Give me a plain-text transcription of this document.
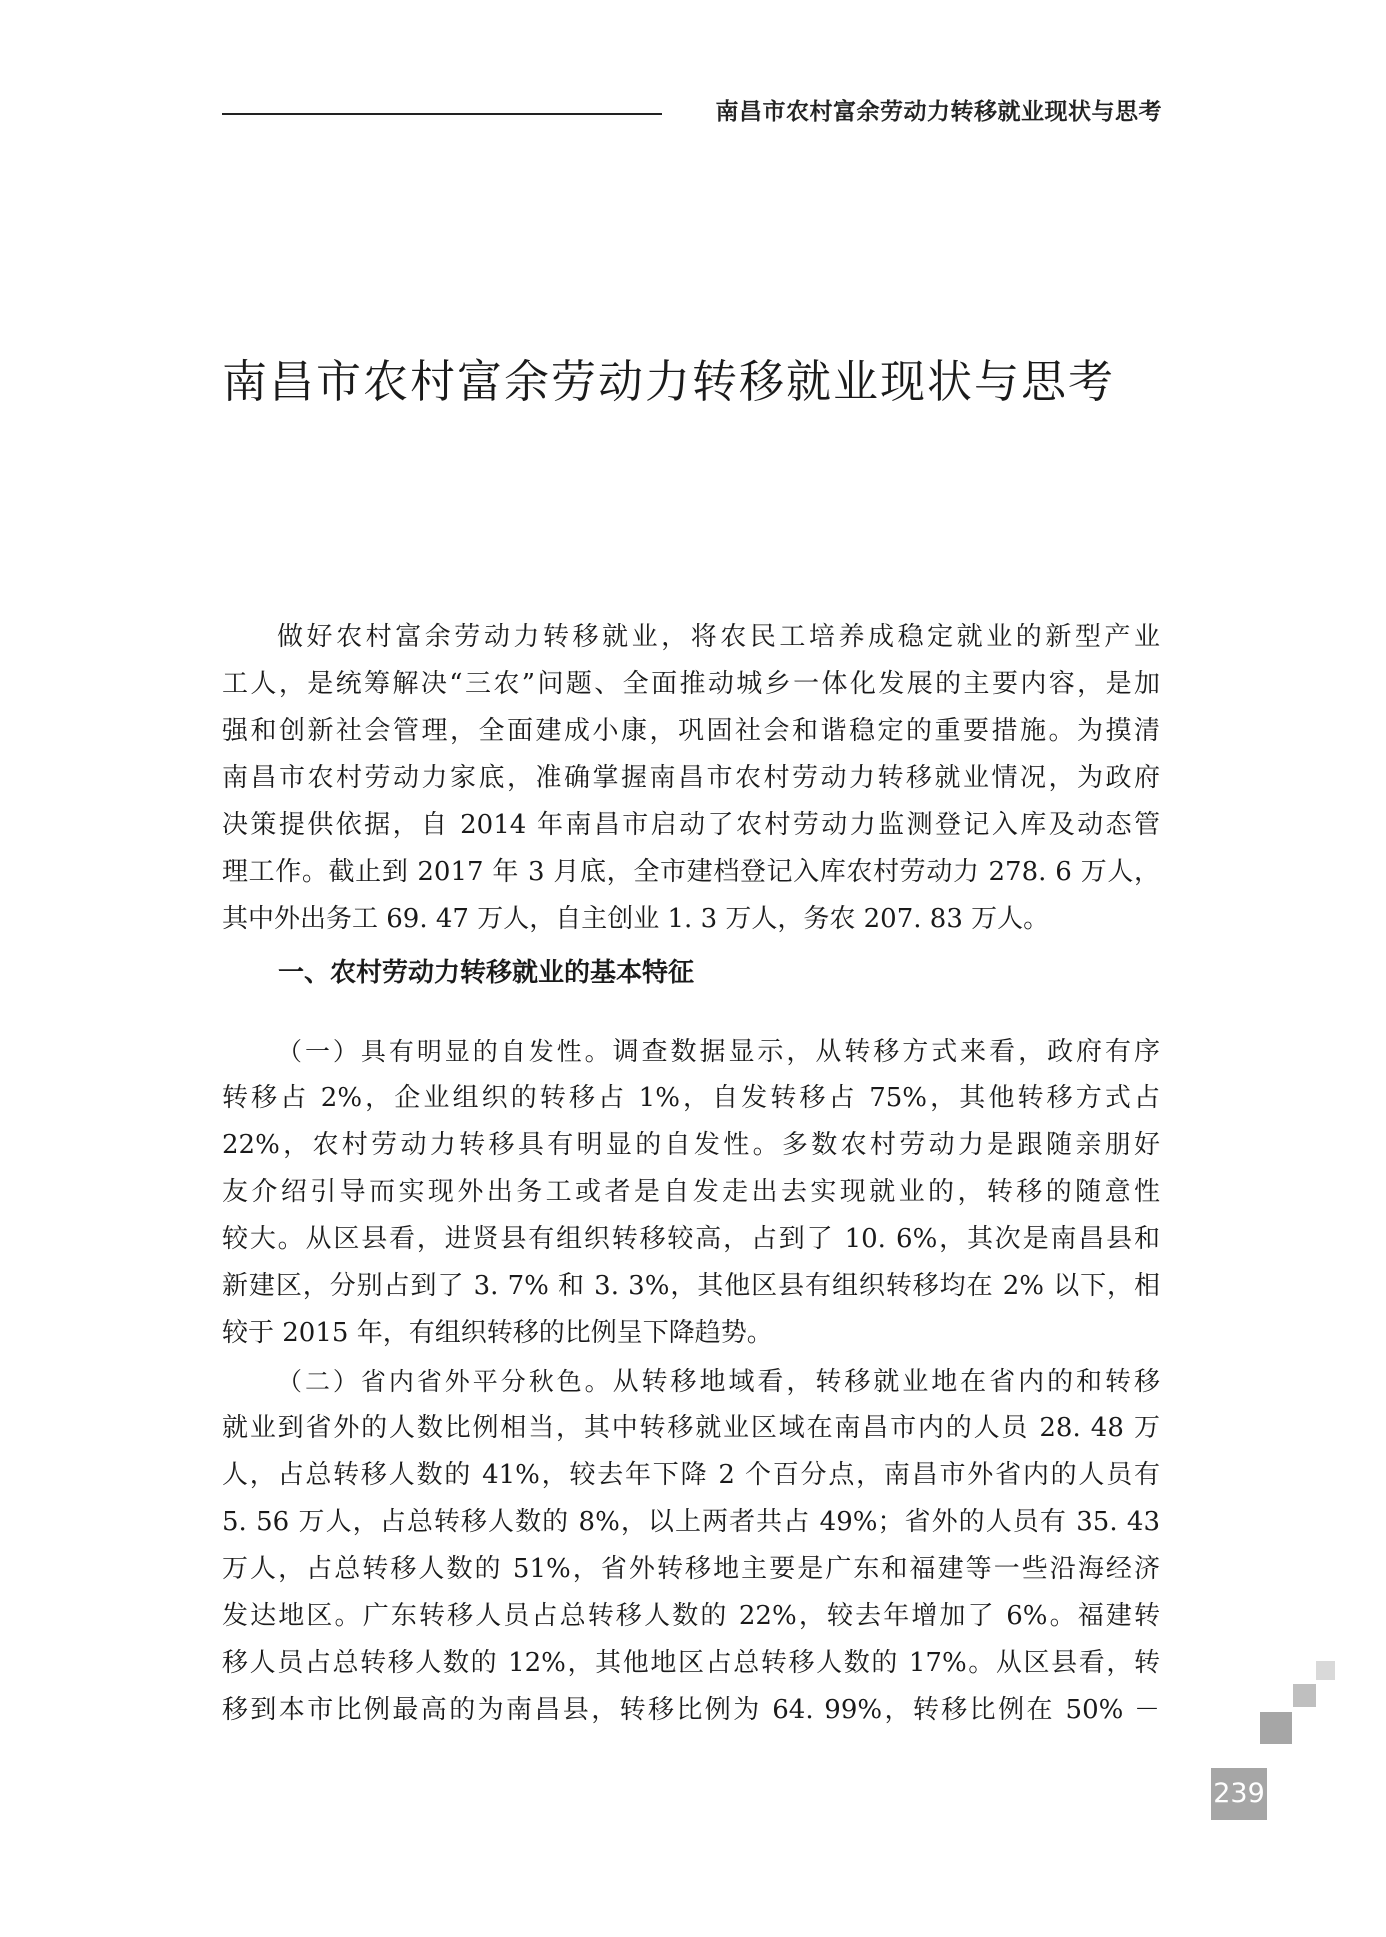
南昌市农村富余劳动力转移就业现状与思考
南昌市农村富余劳动力转移就业现状与思考
做好农村富余劳动力转移就业，将农民工培养成稳定就业的新型产业
工人，是统筹解决“三农”问题、全面推动城乡一体化发展的主要内容，是加
强和创新社会管理，全面建成小康，巩固社会和谐稳定的重要措施。为摸清
南昌市农村劳动力家底，准确掌握南昌市农村劳动力转移就业情况，为政府
决策提供依据，自 2014 年南昌市启动了农村劳动力监测登记入库及动态管
理工作。截止到 2017 年 3 月底，全市建档登记入库农村劳动力 278. 6 万人，
其中外出务工 69. 47 万人，自主创业 1. 3 万人，务农 207. 83 万人。
一、农村劳动力转移就业的基本特征
（一）具有明显的自发性。调查数据显示，从转移方式来看，政府有序
转移占 2%，企业组织的转移占 1%，自发转移占 75%，其他转移方式占
22%，农村劳动力转移具有明显的自发性。多数农村劳动力是跟随亲朋好
友介绍引导而实现外出务工或者是自发走出去实现就业的，转移的随意性
较大。从区县看，进贤县有组织转移较高，占到了 10. 6%，其次是南昌县和
新建区，分别占到了 3. 7% 和 3. 3%，其他区县有组织转移均在 2% 以下，相
较于 2015 年，有组织转移的比例呈下降趋势。
（二）省内省外平分秋色。从转移地域看，转移就业地在省内的和转移
就业到省外的人数比例相当，其中转移就业区域在南昌市内的人员 28. 48 万
人，占总转移人数的 41%，较去年下降 2 个百分点，南昌市外省内的人员有
5. 56 万人，占总转移人数的 8%，以上两者共占 49%；省外的人员有 35. 43
万人，占总转移人数的 51%，省外转移地主要是广东和福建等一些沿海经济
发达地区。广东转移人员占总转移人数的 22%，较去年增加了 6%。福建转
移人员占总转移人数的 12%，其他地区占总转移人数的 17%。从区县看，转
移到本市比例最高的为南昌县，转移比例为 64. 99%，转移比例在 50% －
239
